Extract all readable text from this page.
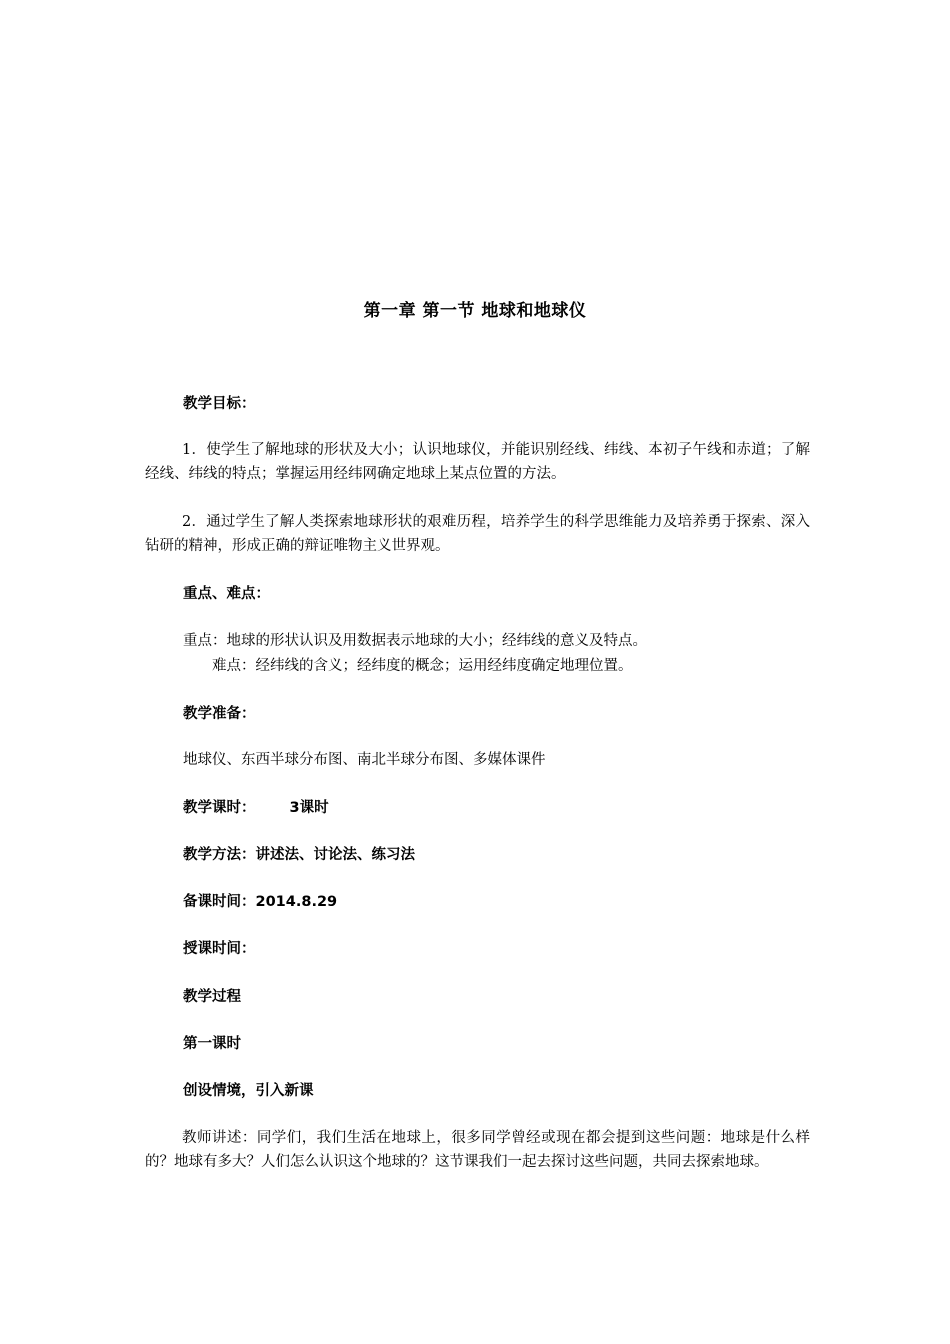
第一章 第一节 地球和地球仪
教学目标：
1．使学生了解地球的形状及大小；认识地球仪，并能识别经线、纬线、本初子午线和赤道；了解经线、纬线的特点；掌握运用经纬网确定地球上某点位置的方法。
2．通过学生了解人类探索地球形状的艰难历程，培养学生的科学思维能力及培养勇于探索、深入钻研的精神，形成正确的辩证唯物主义世界观。
重点、难点：
重点：地球的形状认识及用数据表示地球的大小；经纬线的意义及特点。
难点：经纬线的含义；经纬度的概念；运用经纬度确定地理位置。
教学准备：
地球仪、东西半球分布图、南北半球分布图、多媒体课件
教学课时： 3课时
教学方法：讲述法、讨论法、练习法
备课时间：2014.8.29
授课时间：
教学过程
第一课时
创设情境，引入新课
教师讲述：同学们，我们生活在地球上，很多同学曾经或现在都会提到这些问题：地球是什么样的？地球有多大？人们怎么认识这个地球的？这节课我们一起去探讨这些问题，共同去探索地球。
